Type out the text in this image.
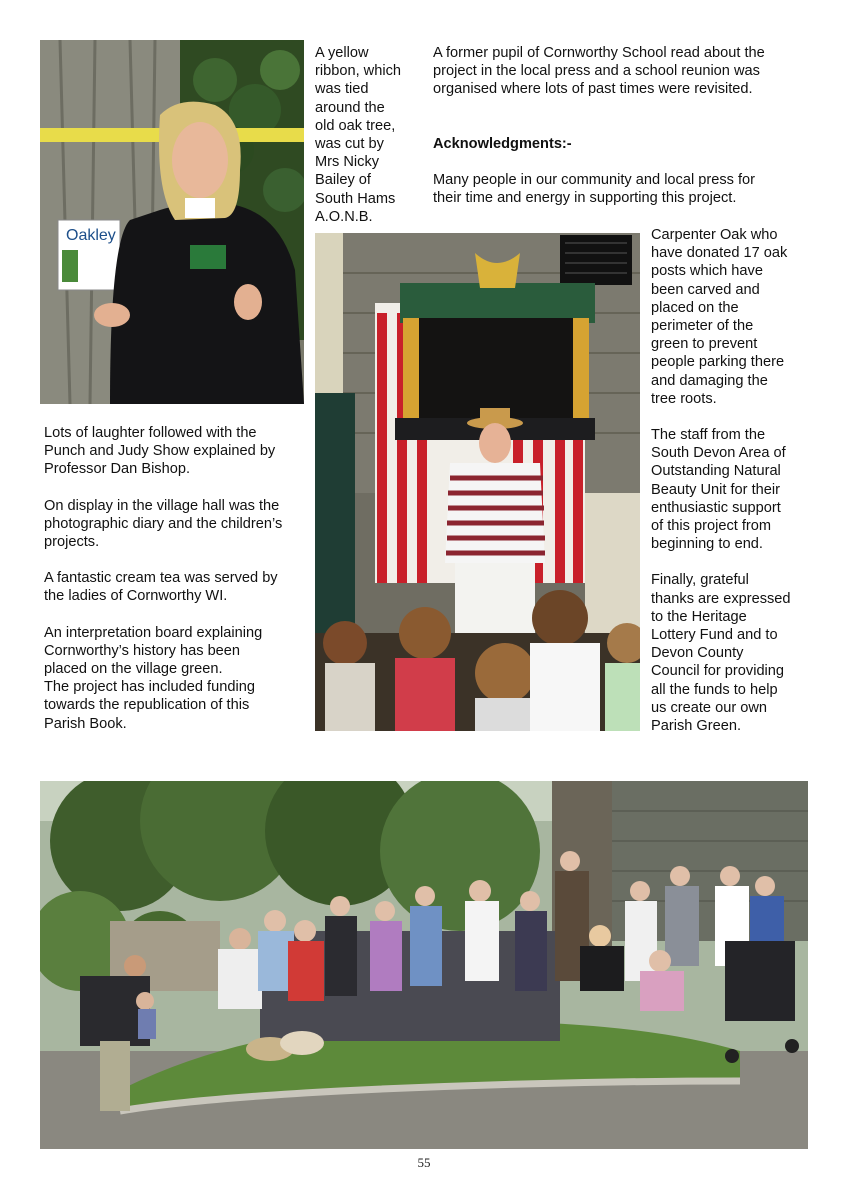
Oakley

A yellow

ribbon, which

was tied

around the

old oak tree,

was cut by

Mrs Nicky

Bailey of

South Hams

A.O.N.B.

A former pupil of Cornworthy School read about the

project in the local press and a school reunion was

organised where lots of past times were revisited.

Acknowledgments:-

Many people in our community and local press for

their time and energy in supporting this project.

Carpenter Oak who

have donated 17 oak

posts which have

been carved and

placed on the

perimeter of the

green to prevent

people parking there

and damaging the

tree roots.

The staff from the

South Devon Area of

Outstanding Natural

Beauty Unit for their

enthusiastic support

of this project from

beginning to end.

Finally, grateful

thanks are expressed

to the Heritage

Lottery Fund and to

Devon County

Council for providing

all the funds to help

us create our own

Parish Green.

Lots of laughter followed with the

Punch and Judy Show explained by

Professor Dan Bishop.

On display in the village hall was the

photographic diary and the children’s

projects.

A fantastic cream tea was served by

the ladies of Cornworthy WI.

An interpretation board explaining

Cornworthy’s history has been

placed on the village green.

The project has included funding

towards the republication of this

Parish Book.

55
